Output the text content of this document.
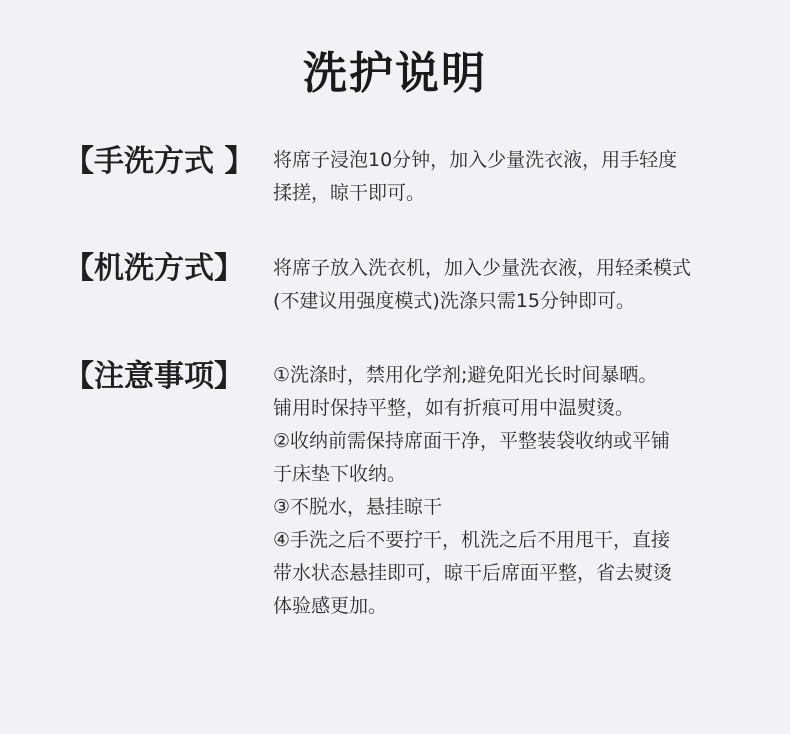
洗护说明
【手洗方式 】 将席子浸泡10分钟，加入少量洗衣液，用手轻度
揉搓，晾干即可。
【机洗方式】 将席子放入洗衣机，加入少量洗衣液，用轻柔模式
(不建议用强度模式)洗涤只需15分钟即可。
【注意事项】 ①洗涤时，禁用化学剂;避免阳光长时间暴晒。
铺用时保持平整，如有折痕可用中温熨烫。
②收纳前需保持席面干净，平整装袋收纳或平铺
于床垫下收纳。
③不脱水，悬挂晾干
④手洗之后不要拧干，机洗之后不用甩干，直接
带水状态悬挂即可，晾干后席面平整，省去熨烫
体验感更加。
